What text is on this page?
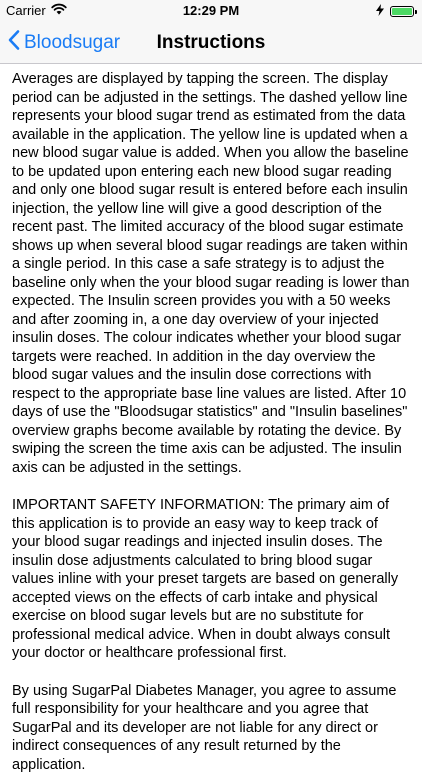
Carrier	12:29 PM
Bloodsugar	Instructions

Averages are displayed by tapping the screen. The display period can be adjusted in the settings. The dashed yellow line represents your blood sugar trend as estimated from the data available in the application. The yellow line is updated when a new blood sugar value is added. When you allow the baseline to be updated upon entering each new blood sugar reading and only one blood sugar result is entered before each insulin injection, the yellow line will give a good description of the recent past. The limited accuracy of the blood sugar estimate shows up when several blood sugar readings are taken within a single period. In this case a safe strategy is to adjust the baseline only when the your blood sugar reading is lower than expected. The Insulin screen provides you with a 50 weeks and after zooming in, a one day overview of your injected insulin doses. The colour indicates whether your blood sugar targets were reached. In addition in the day overview the blood sugar values and the insulin dose corrections with respect to the appropriate base line values are listed. After 10 days of use the "Bloodsugar statistics" and "Insulin baselines" overview graphs become available by rotating the device. By swiping the screen the time axis can be adjusted. The insulin axis can be adjusted in the settings.

IMPORTANT SAFETY INFORMATION: The primary aim of this application is to provide an easy way to keep track of your blood sugar readings and injected insulin doses. The insulin dose adjustments calculated to bring blood sugar values inline with your preset targets are based on generally accepted views on the effects of carb intake and physical exercise on blood sugar levels but are no substitute for professional medical advice. When in doubt always consult your doctor or healthcare professional first.

By using SugarPal Diabetes Manager, you agree to assume full responsibility for your healthcare and you agree that SugarPal and its developer are not liable for any direct or indirect consequences of any result returned by the application.
